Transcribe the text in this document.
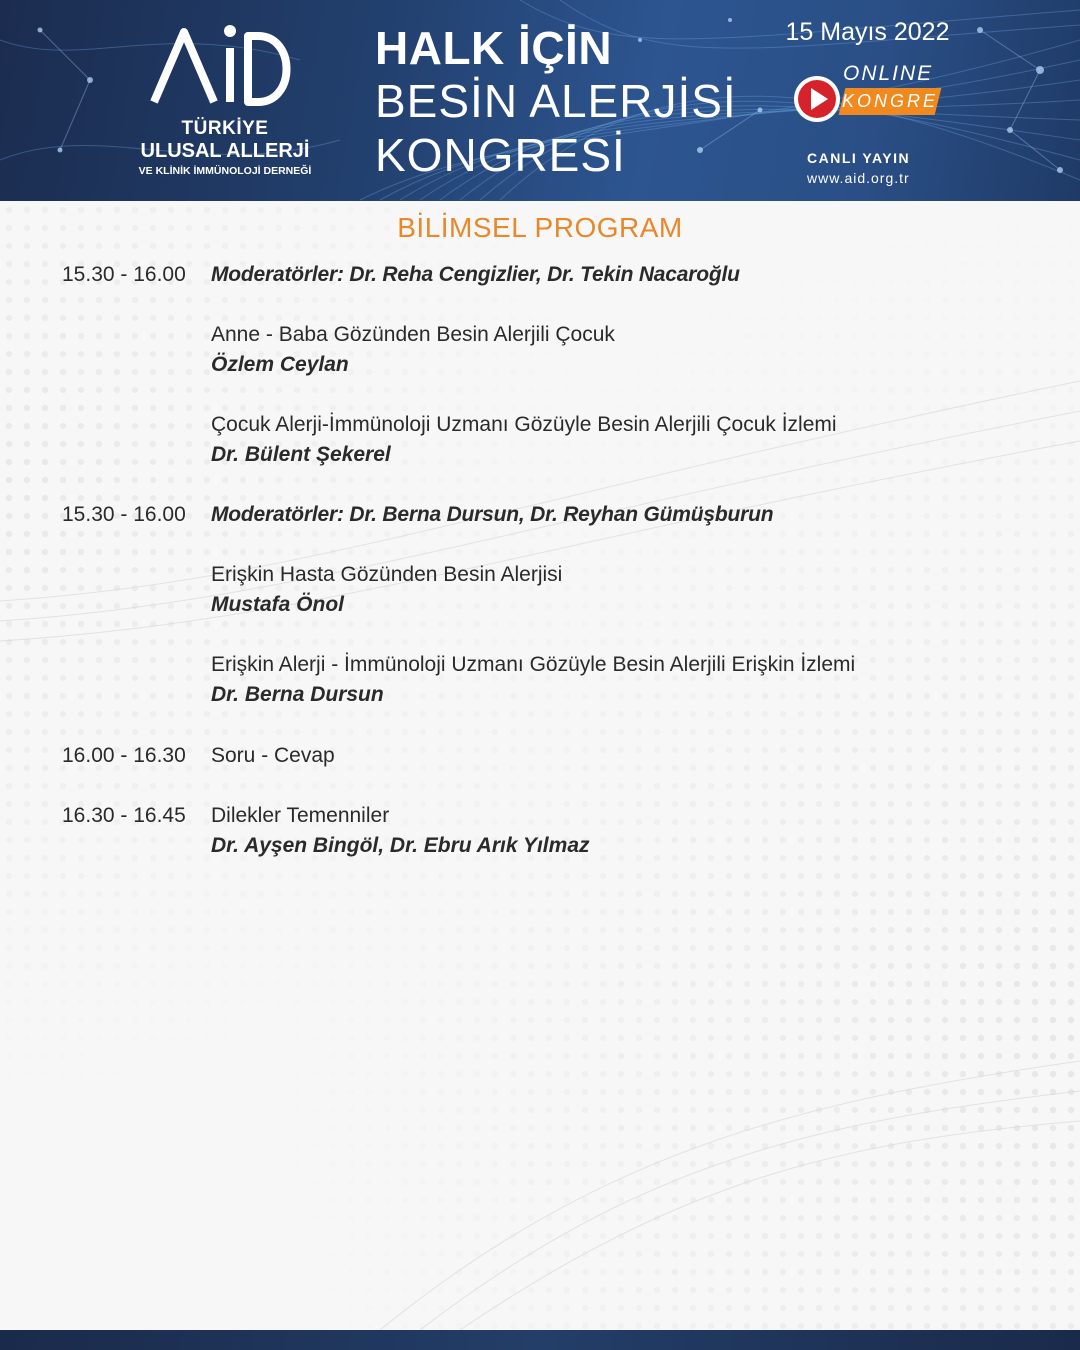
TÜRKİYE
ULUSAL ALLERJİ
VE KLİNİK İMMÜNOLOJİ DERNEĞİ
HALK İÇİN
BESİN ALERJİSİ
KONGRESİ
15 Mayıs 2022
ONLINE
KONGRE
CANLI YAYIN
www.aid.org.tr
BİLİMSEL PROGRAM
15.30 - 16.00 Moderatörler: Dr. Reha Cengizlier, Dr. Tekin Nacaroğlu
Anne - Baba Gözünden Besin Alerjili Çocuk
Özlem Ceylan
Çocuk Alerji-İmmünoloji Uzmanı Gözüyle Besin Alerjili Çocuk İzlemi
Dr. Bülent Şekerel
15.30 - 16.00 Moderatörler: Dr. Berna Dursun, Dr. Reyhan Gümüşburun
Erişkin Hasta Gözünden Besin Alerjisi
Mustafa Önol
Erişkin Alerji - İmmünoloji Uzmanı Gözüyle Besin Alerjili Erişkin İzlemi
Dr. Berna Dursun
16.00 - 16.30 Soru - Cevap
16.30 - 16.45 Dilekler Temenniler
Dr. Ayşen Bingöl, Dr. Ebru Arık Yılmaz
